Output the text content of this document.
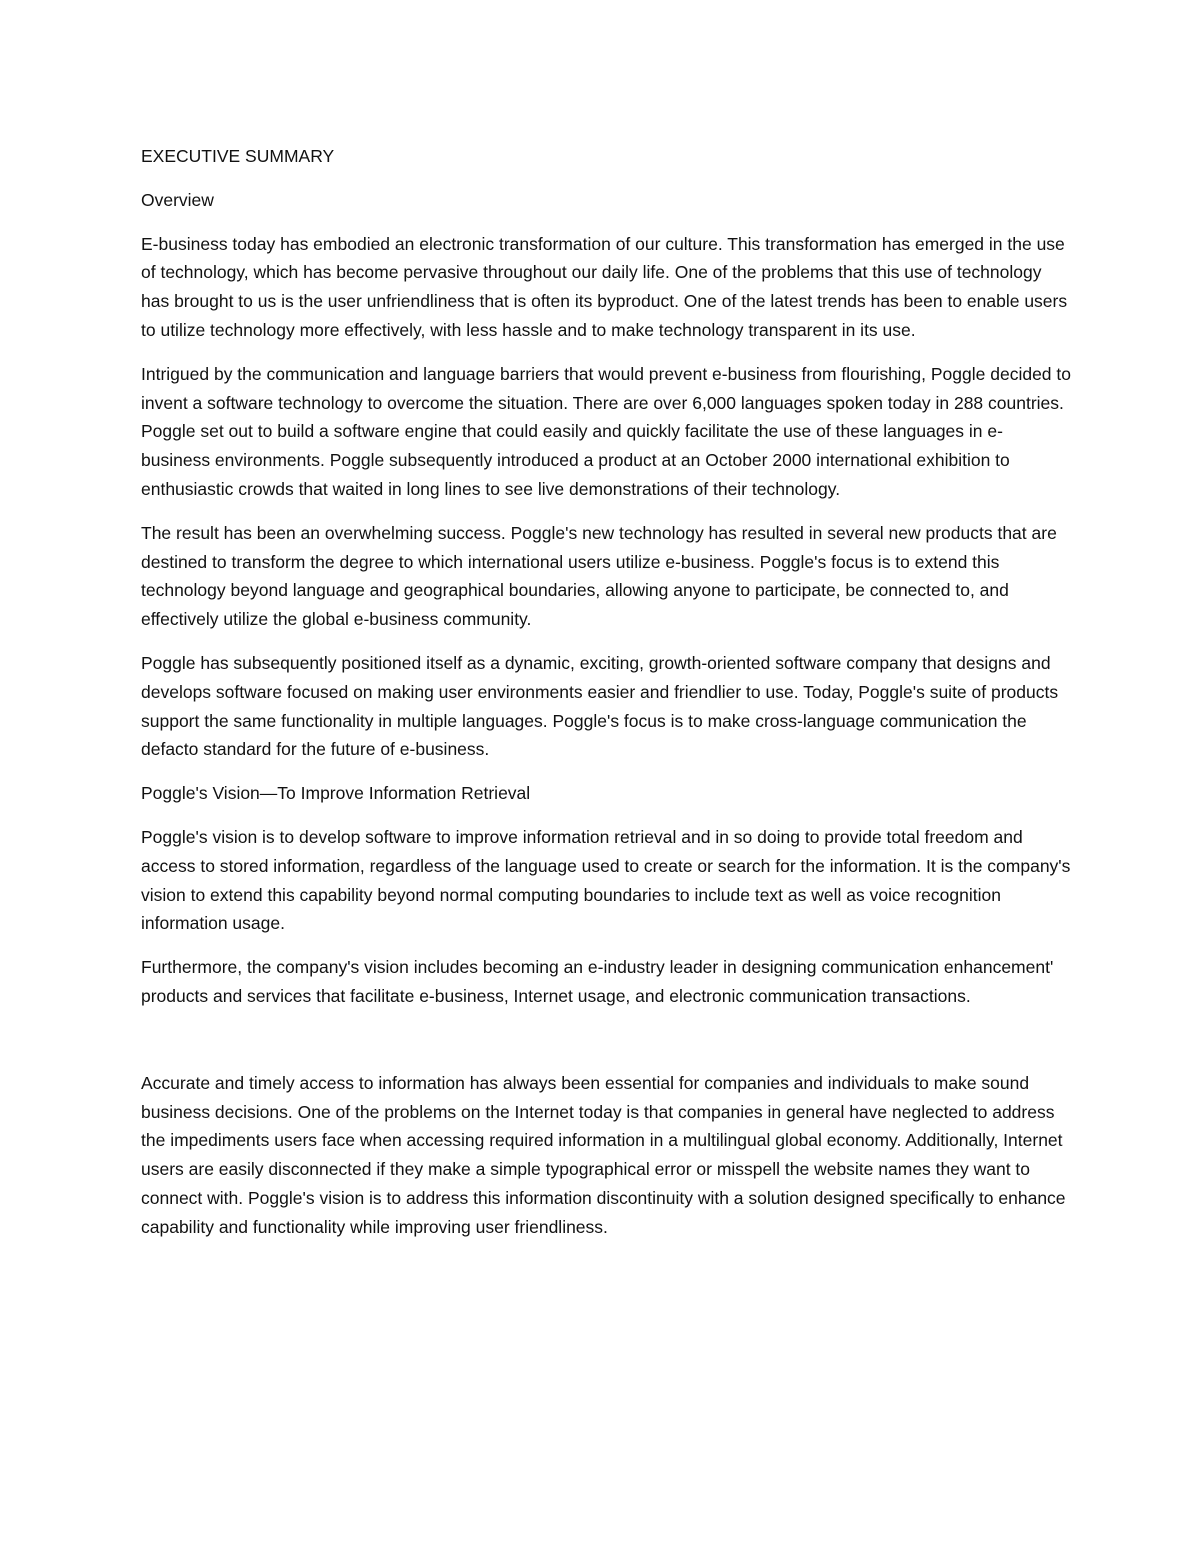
EXECUTIVE SUMMARY
Overview

E-business today has embodied an electronic transformation of our culture. This transformation has emerged in the use of technology, which has become pervasive throughout our daily life. One of the problems that this use of technology has brought to us is the user unfriendliness that is often its byproduct. One of the latest trends has been to enable users to utilize technology more effectively, with less hassle and to make technology transparent in its use.

Intrigued by the communication and language barriers that would prevent e-business from flourishing, Poggle decided to invent a software technology to overcome the situation. There are over 6,000 languages spoken today in 288 countries. Poggle set out to build a software engine that could easily and quickly facilitate the use of these languages in e-business environments. Poggle subsequently introduced a product at an October 2000 international exhibition to enthusiastic crowds that waited in long lines to see live demonstrations of their technology.

The result has been an overwhelming success. Poggle's new technology has resulted in several new products that are destined to transform the degree to which international users utilize e-business. Poggle's focus is to extend this technology beyond language and geographical boundaries, allowing anyone to participate, be connected to, and effectively utilize the global e-business community.

Poggle has subsequently positioned itself as a dynamic, exciting, growth-oriented software company that designs and develops software focused on making user environments easier and friendlier to use. Today, Poggle's suite of products support the same functionality in multiple languages. Poggle's focus is to make cross-language communication the defacto standard for the future of e-business.

Poggle's Vision—To Improve Information Retrieval

Poggle's vision is to develop software to improve information retrieval and in so doing to provide total freedom and access to stored information, regardless of the language used to create or search for the information. It is the company's vision to extend this capability beyond normal computing boundaries to include text as well as voice recognition information usage.

Furthermore, the company's vision includes becoming an e-industry leader in designing communication enhancement' products and services that facilitate e-business, Internet usage, and electronic communication transactions.

Accurate and timely access to information has always been essential for companies and individuals to make sound business decisions. One of the problems on the Internet today is that companies in general have neglected to address the impediments users face when accessing required information in a multilingual global economy. Additionally, Internet users are easily disconnected if they make a simple typographical error or misspell the website names they want to connect with. Poggle's vision is to address this information discontinuity with a solution designed specifically to enhance capability and functionality while improving user friendliness.
